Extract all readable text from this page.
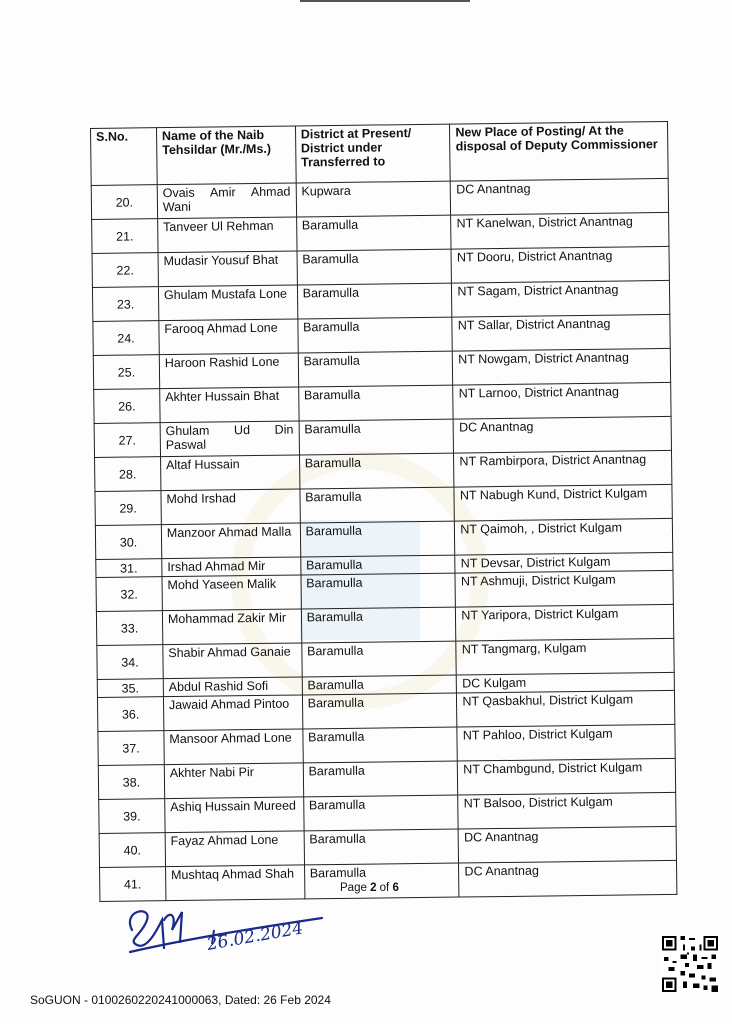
S.No.	Name of the Naib Tehsildar (Mr./Ms.)	District at Present/ District under Transferred to	New Place of Posting/ At the disposal of Deputy Commissioner
20.	Ovais Amir Ahmad Wani	Kupwara	DC Anantnag
21.	Tanveer Ul Rehman	Baramulla	NT Kanelwan, District Anantnag
22.	Mudasir Yousuf Bhat	Baramulla	NT Dooru, District Anantnag
23.	Ghulam Mustafa Lone	Baramulla	NT Sagam, District Anantnag
24.	Farooq Ahmad Lone	Baramulla	NT Sallar, District Anantnag
25.	Haroon Rashid Lone	Baramulla	NT Nowgam, District Anantnag
26.	Akhter Hussain Bhat	Baramulla	NT Larnoo, District Anantnag
27.	Ghulam Ud Din Paswal	Baramulla	DC Anantnag
28.	Altaf Hussain	Baramulla	NT Rambirpora, District Anantnag
29.	Mohd Irshad	Baramulla	NT Nabugh Kund, District Kulgam
30.	Manzoor Ahmad Malla	Baramulla	NT Qaimoh, , District Kulgam
31.	Irshad Ahmad Mir	Baramulla	NT Devsar, District Kulgam
32.	Mohd Yaseen Malik	Baramulla	NT Ashmuji, District Kulgam
33.	Mohammad Zakir Mir	Baramulla	NT Yaripora, District Kulgam
34.	Shabir Ahmad Ganaie	Baramulla	NT Tangmarg, Kulgam
35.	Abdul Rashid Sofi	Baramulla	DC Kulgam
36.	Jawaid Ahmad Pintoo	Baramulla	NT Qasbakhul, District Kulgam
37.	Mansoor Ahmad Lone	Baramulla	NT Pahloo, District Kulgam
38.	Akhter Nabi Pir	Baramulla	NT Chambgund, District Kulgam
39.	Ashiq Hussain Mureed	Baramulla	NT Balsoo, District Kulgam
40.	Fayaz Ahmad Lone	Baramulla	DC Anantnag
41.	Mushtaq Ahmad Shah	Baramulla	DC Anantnag
Page 2 of 6
26.02.2024
SoGUON - 0100260220241000063, Dated: 26 Feb 2024
